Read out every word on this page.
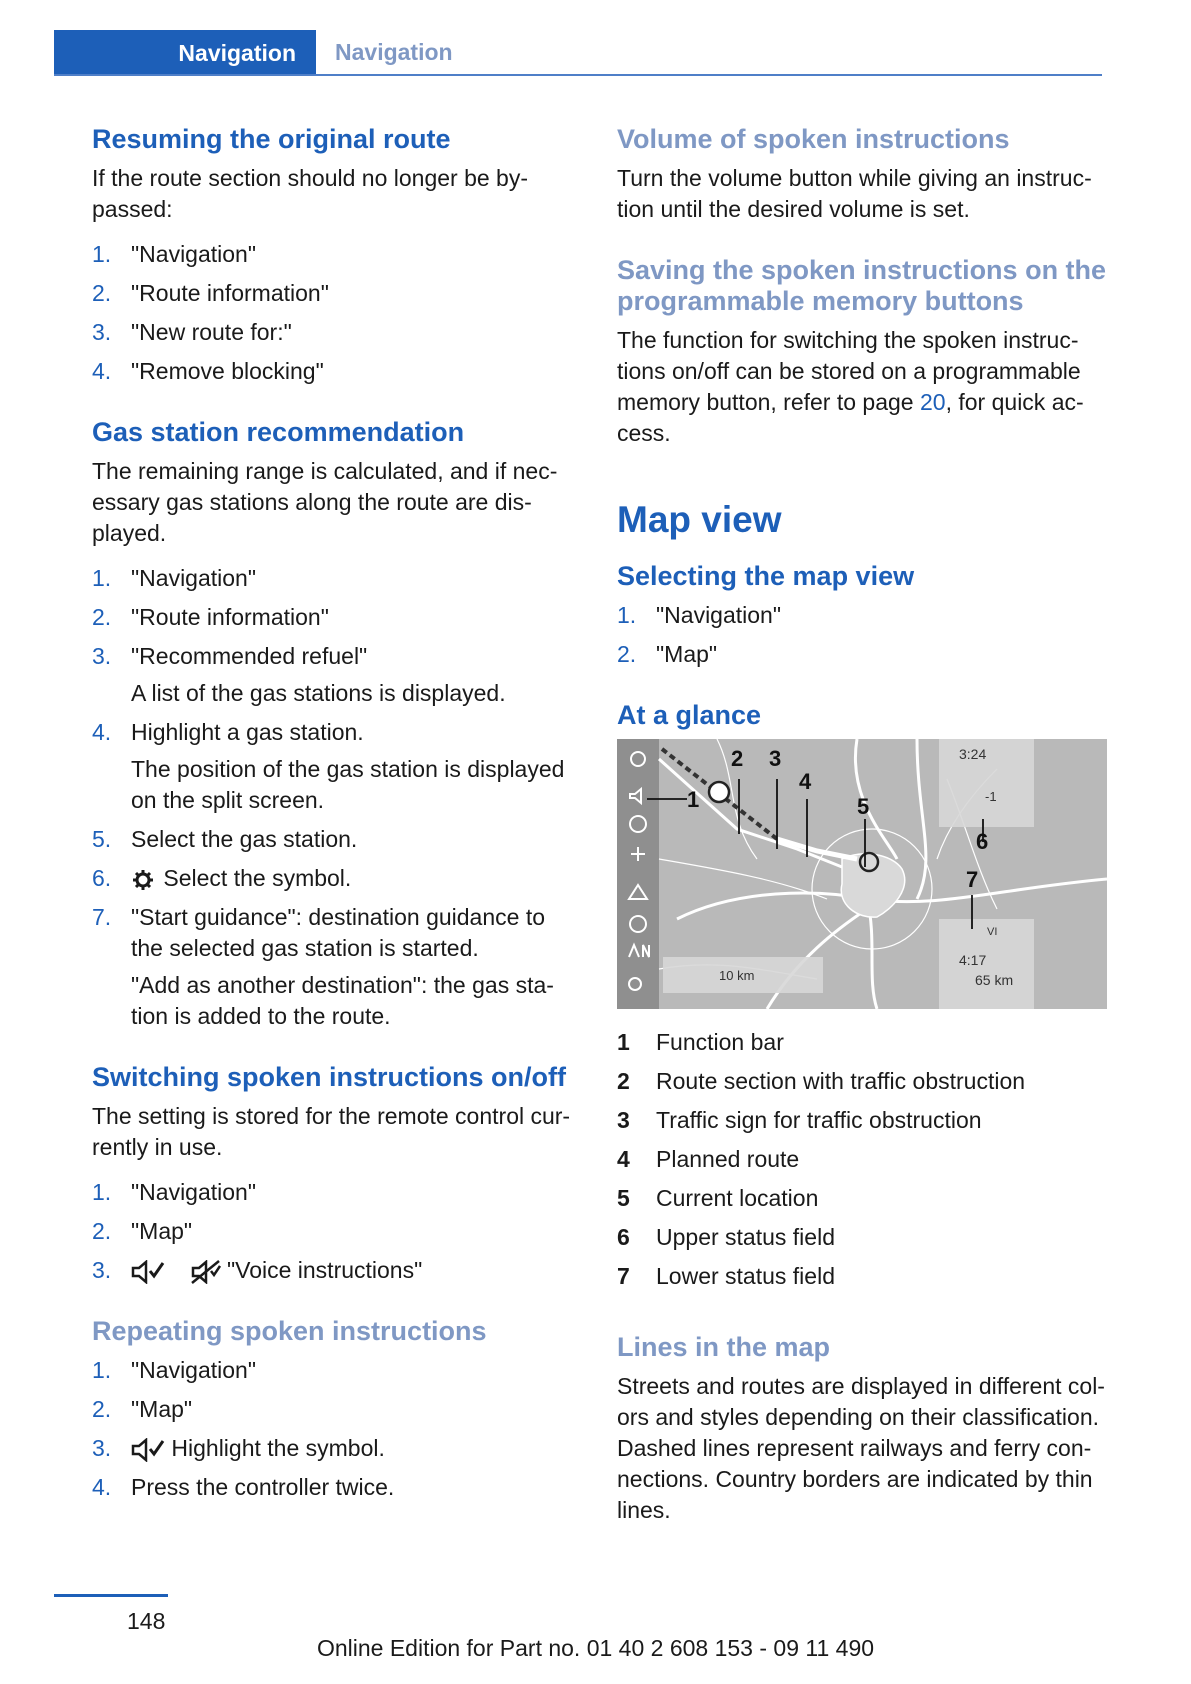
Navigation Navigation
Resuming the original route

If the route section should no longer be by-passed:

1. "Navigation"
2. "Route information"
3. "New route for:"
4. "Remove blocking"
Gas station recommendation

The remaining range is calculated, and if nec-essary gas stations along the route are dis-played.

1. "Navigation"
2. "Route information"
3. "Recommended refuel"
A list of the gas stations is displayed.
4. Highlight a gas station.
The position of the gas station is displayed on the split screen.
5. Select the gas station.
6.	Select the symbol.
7. "Start guidance": destination guidance to the selected gas station is started.
"Add as another destination": the gas sta-tion is added to the route.
Switching spoken instructions on/off

The setting is stored for the remote control cur-rently in use.

1. "Navigation"
2. "Map"
3.	"Voice instructions"
Repeating spoken instructions
1. "Navigation"
2. "Map"
3.	Highlight the symbol.
4. Press the controller twice.
Volume of spoken instructions

Turn the volume button while giving an instruc-tion until the desired volume is set.

Saving the spoken instructions on the programmable memory buttons

The function for switching the spoken instruc-tions on/off can be stored on a programmable memory button, refer to page 20, for quick ac-cess.

Map view
Selecting the map view
1. "Navigation"
2. "Map"
At a glance
3:24
-1
VI
4:17
65 km
10 km
1
2 3
4
5
6
7
1	Function bar
2	Route section with traffic obstruction
3	Traffic sign for traffic obstruction
4	Planned route
5	Current location
6	Upper status field
7	Lower status field
Lines in the map

Streets and routes are displayed in different col-ors and styles depending on their classification. Dashed lines represent railways and ferry con-nections. Country borders are indicated by thin lines.

148
Online Edition for Part no. 01 40 2 608 153 - 09 11 490
